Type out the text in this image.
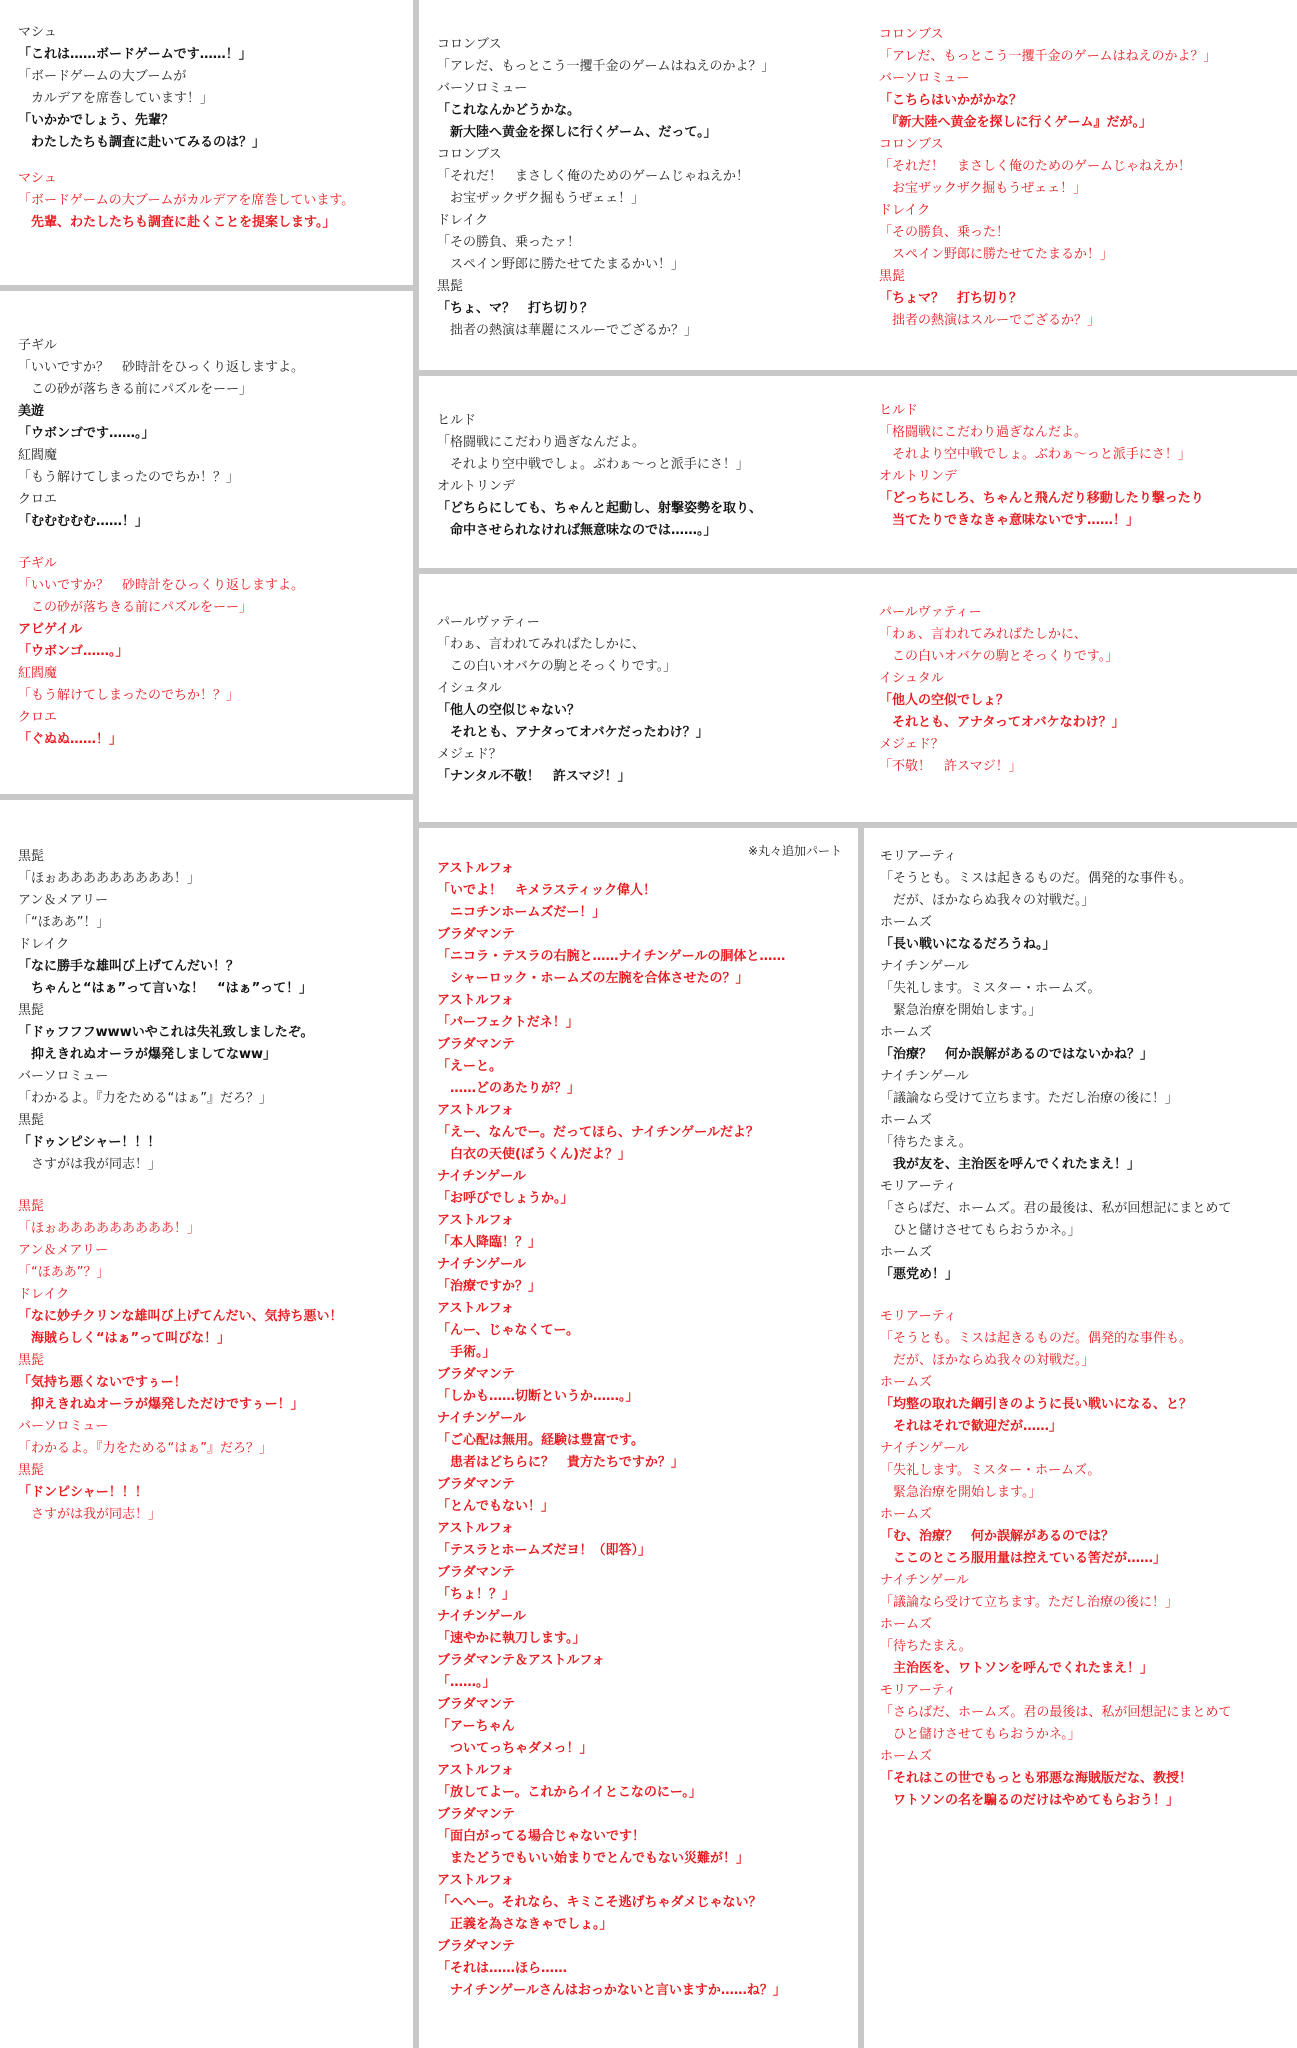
マシュ
「これは……ボードゲームです……！」
「ボードゲームの大ブームが
　カルデアを席巻しています！」
「いかかでしょう、先輩？
　わたしたちも調査に赴いてみるのは？」
マシュ
「ボードゲームの大ブームがカルデアを席巻しています。
　先輩、わたしたちも調査に赴くことを提案します。」
子ギル
「いいですか？　砂時計をひっくり返しますよ。
　この砂が落ちきる前にパズルをーー」
美遊
「ウボンゴです……。」
紅閻魔
「もう解けてしまったのでちか！？」
クロエ
「むむむむむ……！」
子ギル
「いいですか？　砂時計をひっくり返しますよ。
　この砂が落ちきる前にパズルをーー」
アビゲイル
「ウボンゴ……。」
紅閻魔
「もう解けてしまったのでちか！？」
クロエ
「ぐぬぬ……！」
黒髭
「ほぉあああああああああ！」
アン＆メアリー
「“ほああ”！」
ドレイク
「なに勝手な雄叫び上げてんだい！？
　ちゃんと“はぁ”って言いな！　“はぁ”って！」
黒髭
「ドゥフフフwwwいやこれは失礼致しましたぞ。
　抑えきれぬオーラが爆発しましてなww」
バーソロミュー
「わかるよ。『力をためる“はぁ”』だろ？」
黒髭
「ドゥンピシャー！！！
　さすがは我が同志！」
黒髭
「ほぉあああああああああ！」
アン＆メアリー
「“ほああ”？」
ドレイク
「なに妙チクリンな雄叫び上げてんだい、気持ち悪い！
　海賊らしく“はぁ”って叫びな！」
黒髭
「気持ち悪くないですぅー！
　抑えきれぬオーラが爆発しただけですぅー！」
バーソロミュー
「わかるよ。『力をためる“はぁ”』だろ？」
黒髭
「ドンピシャー！！！
　さすがは我が同志！」
コロンブス
「アレだ、もっとこう一攫千金のゲームはねえのかよ？」
バーソロミュー
「これなんかどうかな。
　新大陸へ黄金を探しに行くゲーム、だって。」
コロンブス
「それだ！　まさしく俺のためのゲームじゃねえか！
　お宝ザックザク掘もうぜェェ！」
ドレイク
「その勝負、乗ったァ！
　スペイン野郎に勝たせてたまるかい！」
黒髭
「ちょ、マ？　打ち切り？
　拙者の熱演は華麗にスルーでござるか？」
コロンブス
「アレだ、もっとこう一攫千金のゲームはねえのかよ？」
バーソロミュー
「こちらはいかがかな？
　『新大陸へ黄金を探しに行くゲーム』だが。」
コロンブス
「それだ！　まさしく俺のためのゲームじゃねえか！
　お宝ザックザク掘もうぜェェ！」
ドレイク
「その勝負、乗った！
　スペイン野郎に勝たせてたまるか！」
黒髭
「ちょマ？　打ち切り？
　拙者の熱演はスルーでござるか？」
ヒルド
「格闘戦にこだわり過ぎなんだよ。
　それより空中戦でしょ。ぶわぁ〜っと派手にさ！」
オルトリンデ
「どちらにしても、ちゃんと起動し、射撃姿勢を取り、
　命中させられなければ無意味なのでは……。」
ヒルド
「格闘戦にこだわり過ぎなんだよ。
　それより空中戦でしょ。ぶわぁ〜っと派手にさ！」
オルトリンデ
「どっちにしろ、ちゃんと飛んだり移動したり撃ったり
　当てたりできなきゃ意味ないです……！」
パールヴァティー
「わぁ、言われてみればたしかに、
　この白いオバケの駒とそっくりです。」
イシュタル
「他人の空似じゃない？
　それとも、アナタってオバケだったわけ？」
メジェド？
「ナンタル不敬！　許スマジ！」
パールヴァティー
「わぁ、言われてみればたしかに、
　この白いオバケの駒とそっくりです。」
イシュタル
「他人の空似でしょ？
　それとも、アナタってオバケなわけ？」
メジェド？
「不敬！　許スマジ！」
※丸々追加パート
アストルフォ
「いでよ！　キメラスティック偉人！
　ニコチンホームズだー！」
ブラダマンテ
「ニコラ・テスラの右腕と……ナイチンゲールの胴体と……
　シャーロック・ホームズの左腕を合体させたの？」
アストルフォ
「パーフェクトだネ！」
ブラダマンテ
「えーと。
　……どのあたりが？」
アストルフォ
「えー、なんでー。だってほら、ナイチンゲールだよ？
　白衣の天使(ぼうくん)だよ？」
ナイチンゲール
「お呼びでしょうか。」
アストルフォ
「本人降臨！？」
ナイチンゲール
「治療ですか？」
アストルフォ
「んー、じゃなくてー。
　手術。」
ブラダマンテ
「しかも……切断というか……。」
ナイチンゲール
「ご心配は無用。経験は豊富です。
　患者はどちらに？　貴方たちですか？」
ブラダマンテ
「とんでもない！」
アストルフォ
「テスラとホームズだヨ！（即答）」
ブラダマンテ
「ちょ！？」
ナイチンゲール
「速やかに執刀します。」
ブラダマンテ＆アストルフォ
「……。」
ブラダマンテ
「アーちゃん
　ついてっちゃダメっ！」
アストルフォ
「放してよー。これからイイとこなのにー。」
ブラダマンテ
「面白がってる場合じゃないです！
　またどうでもいい始まりでとんでもない災難が！」
アストルフォ
「へへー。それなら、キミこそ逃げちゃダメじゃない？
　正義を為さなきゃでしょ。」
ブラダマンテ
「それは……ほら……
　ナイチンゲールさんはおっかないと言いますか……ね？」
モリアーティ
「そうとも。ミスは起きるものだ。偶発的な事件も。
　だが、ほかならぬ我々の対戦だ。」
ホームズ
「長い戦いになるだろうね。」
ナイチンゲール
「失礼します。ミスター・ホームズ。
　緊急治療を開始します。」
ホームズ
「治療？　何か誤解があるのではないかね？」
ナイチンゲール
「議論なら受けて立ちます。ただし治療の後に！」
ホームズ
「待ちたまえ。
　我が友を、主治医を呼んでくれたまえ！」
モリアーティ
「さらばだ、ホームズ。君の最後は、私が回想記にまとめて
　ひと儲けさせてもらおうかネ。」
ホームズ
「悪党め！」
モリアーティ
「そうとも。ミスは起きるものだ。偶発的な事件も。
　だが、ほかならぬ我々の対戦だ。」
ホームズ
「均整の取れた綱引きのように長い戦いになる、と？
　それはそれで歓迎だが……」
ナイチンゲール
「失礼します。ミスター・ホームズ。
　緊急治療を開始します。」
ホームズ
「む、治療？　何か誤解があるのでは？
　ここのところ服用量は控えている筈だが……」
ナイチンゲール
「議論なら受けて立ちます。ただし治療の後に！」
ホームズ
「待ちたまえ。
　主治医を、ワトソンを呼んでくれたまえ！」
モリアーティ
「さらばだ、ホームズ。君の最後は、私が回想記にまとめて
　ひと儲けさせてもらおうかネ。」
ホームズ
「それはこの世でもっとも邪悪な海賊版だな、教授！
　ワトソンの名を騙るのだけはやめてもらおう！」
